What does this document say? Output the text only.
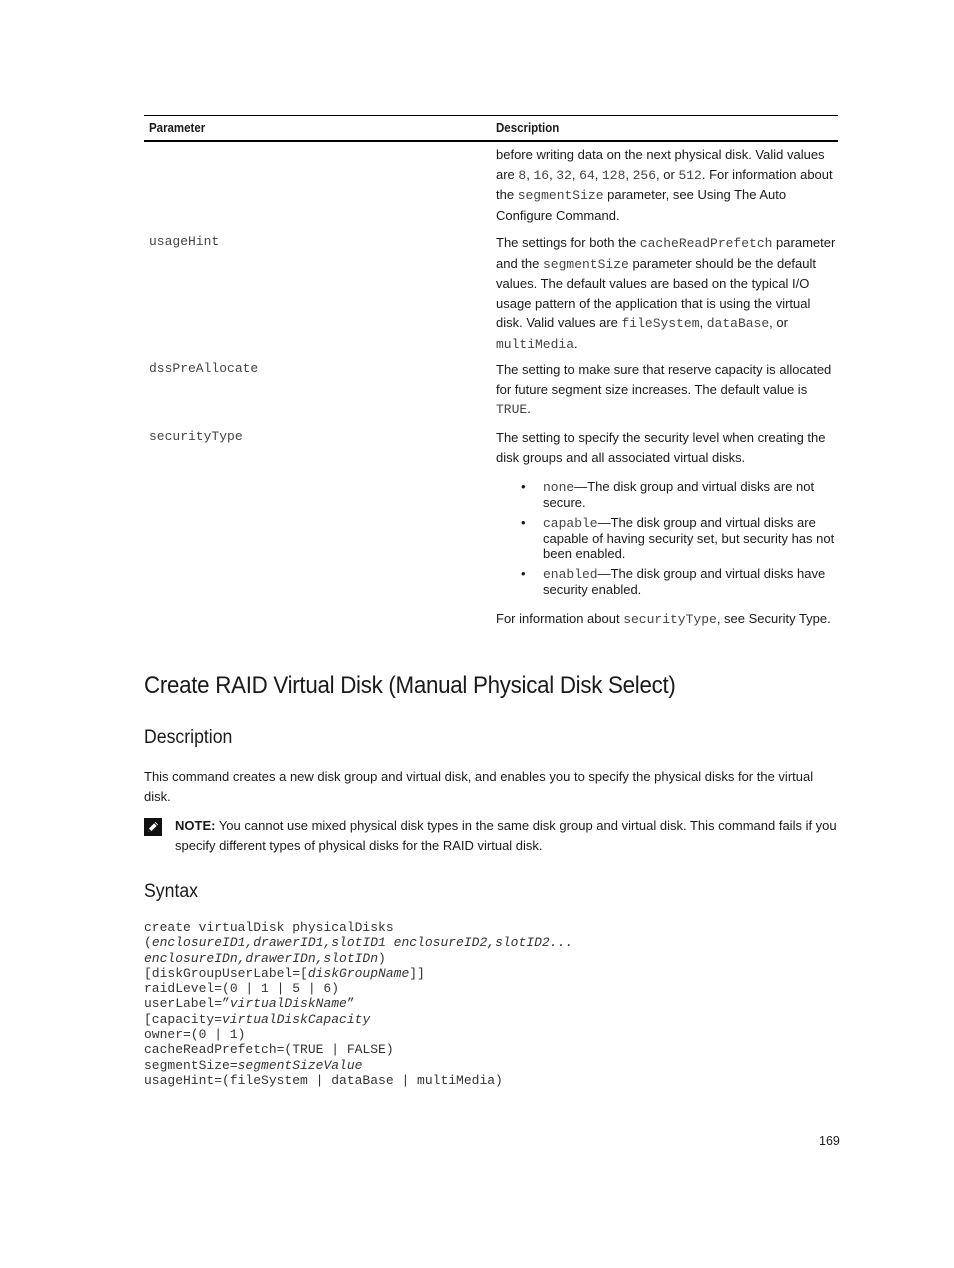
Parameter	Description

before writing data on the next physical disk. Valid values are 8, 16, 32, 64, 128, 256, or 512. For information about the segmentSize parameter, see Using The Auto Configure Command.

usageHint	The settings for both the cacheReadPrefetch parameter and the segmentSize parameter should be the default values. The default values are based on the typical I/O usage pattern of the application that is using the virtual disk. Valid values are fileSystem, dataBase, or multiMedia.

dssPreAllocate	The setting to make sure that reserve capacity is allocated for future segment size increases. The default value is TRUE.

securityType	The setting to specify the security level when creating the disk groups and all associated virtual disks.

• none—The disk group and virtual disks are not secure.
• capable—The disk group and virtual disks are capable of having security set, but security has not been enabled.
• enabled—The disk group and virtual disks have security enabled.

For information about securityType, see Security Type.

Create RAID Virtual Disk (Manual Physical Disk Select)
Description

This command creates a new disk group and virtual disk, and enables you to specify the physical disks for the virtual disk.

NOTE: You cannot use mixed physical disk types in the same disk group and virtual disk. This command fails if you specify different types of physical disks for the RAID virtual disk.
Syntax
create virtualDisk physicalDisks
(enclosureID1,drawerID1,slotID1 enclosureID2,slotID2...
enclosureIDn,drawerIDn,slotIDn)
[diskGroupUserLabel=[diskGroupName]]
raidLevel=(0 | 1 | 5 | 6)
userLabel=”virtualDiskName”
[capacity=virtualDiskCapacity
owner=(0 | 1)
cacheReadPrefetch=(TRUE | FALSE)
segmentSize=segmentSizeValue
usageHint=(fileSystem | dataBase | multiMedia)
169
